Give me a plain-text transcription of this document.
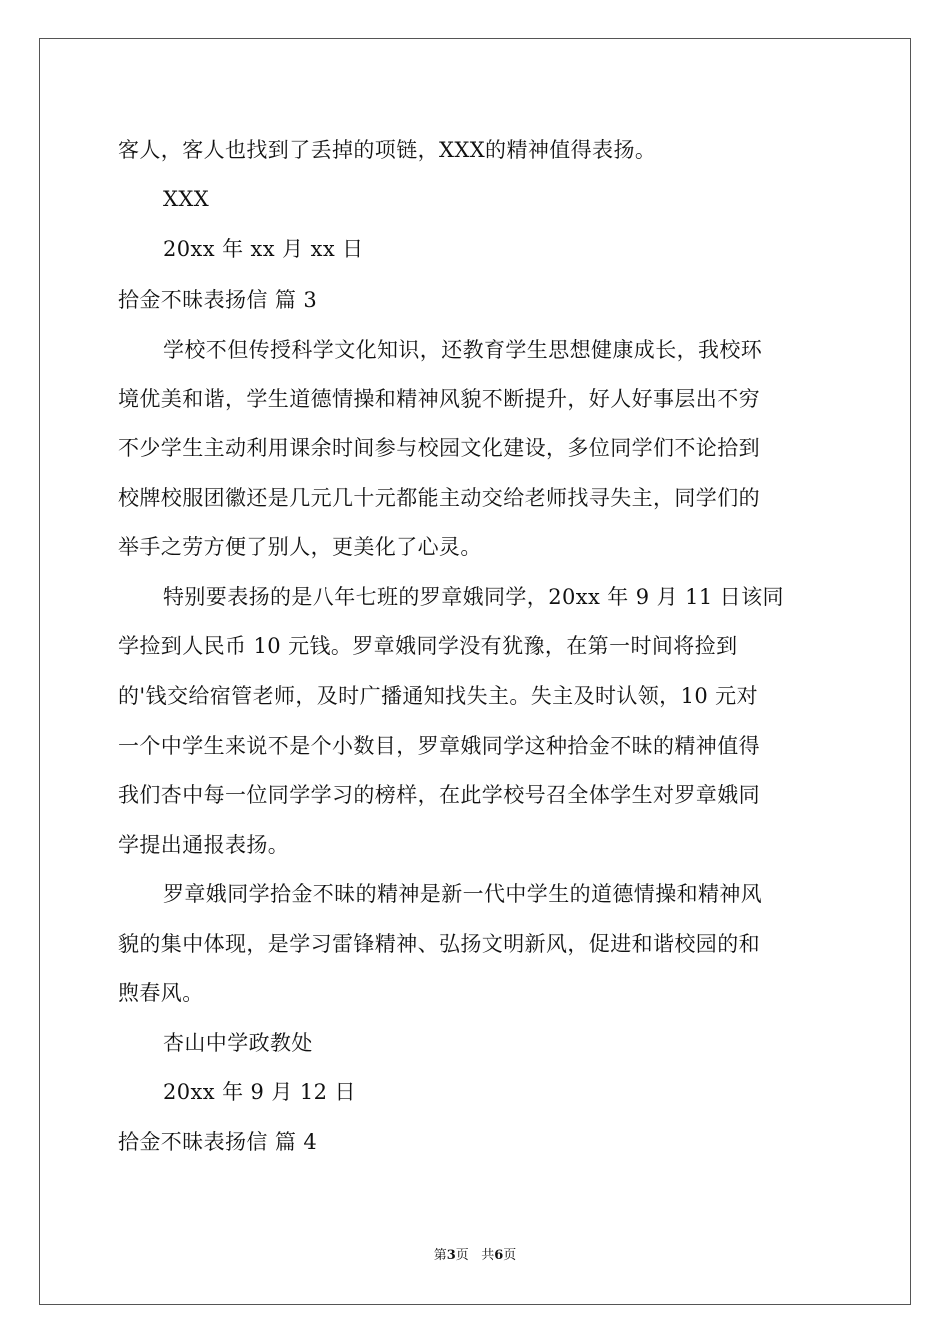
客人，客人也找到了丢掉的项链，XXX的精神值得表扬。
XXX
20xx 年 xx 月 xx 日
拾金不昧表扬信 篇 3
学校不但传授科学文化知识，还教育学生思想健康成长，我校环
境优美和谐，学生道德情操和精神风貌不断提升，好人好事层出不穷
不少学生主动利用课余时间参与校园文化建设，多位同学们不论拾到
校牌校服团徽还是几元几十元都能主动交给老师找寻失主，同学们的
举手之劳方便了别人，更美化了心灵。
特别要表扬的是八年七班的罗章娥同学，20xx 年 9 月 11 日该同
学捡到人民币 10 元钱。罗章娥同学没有犹豫，在第一时间将捡到
的'钱交给宿管老师，及时广播通知找失主。失主及时认领，10 元对
一个中学生来说不是个小数目，罗章娥同学这种拾金不昧的精神值得
我们杏中每一位同学学习的榜样，在此学校号召全体学生对罗章娥同
学提出通报表扬。
罗章娥同学拾金不昧的精神是新一代中学生的道德情操和精神风
貌的集中体现，是学习雷锋精神、弘扬文明新风，促进和谐校园的和
煦春风。
杏山中学政教处
20xx 年 9 月 12 日
拾金不昧表扬信 篇 4
第3页 共6页
